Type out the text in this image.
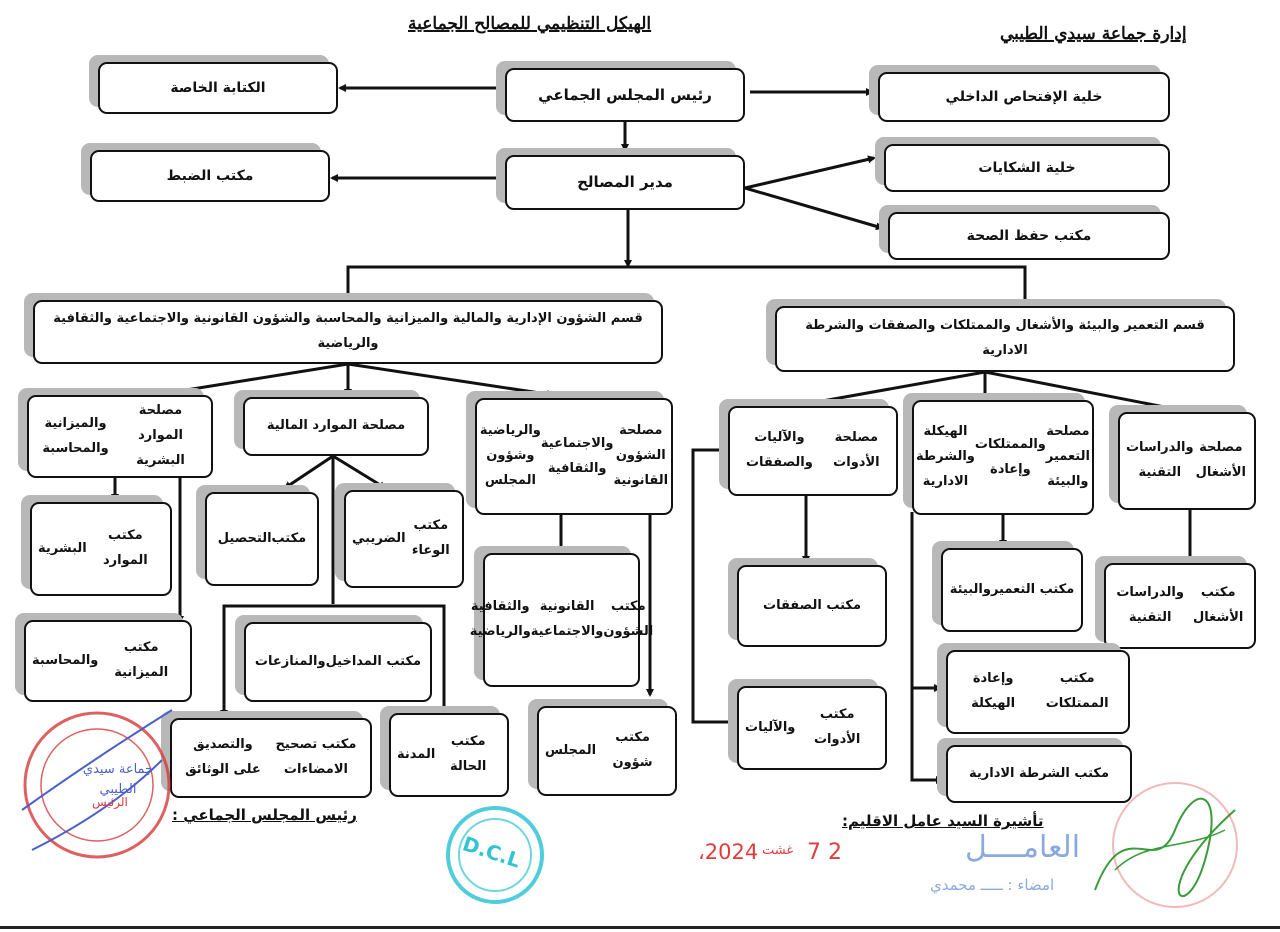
الهيكل التنظيمي للمصالح الجماعية	إدارة جماعة سيدي الطيبي
رئيس المجلس الجماعي
الكتابة الخاصة
خلية الإفتحاص الداخلي
مدير المصالح
مكتب الضبط	خلية الشكايات
مكتب حفظ الصحة
قسم الشؤون الإدارية والمالية والميزانية والمحاسبة والشؤون القانونية والاجتماعية والثقافية والرياضية
قسم التعمير والبيئة والأشغال والممتلكات والصفقات والشرطة الادارية
مصلحة الموارد البشرية
والميزانية والمحاسبة
مصلحة الموارد المالية	مصلحة الشؤون القانونية
والاجتماعية والثقافية
والرياضية وشؤون المجلس
مصلحة الأدوات
والآليات والصفقات
مصلحة التعمير والبيئة
والممتلكات وإعادة
الهيكلة والشرطة الادارية
مصلحة الأشغال
والدراسات التقنية
مكتب الموارد
البشرية
مكتب
التحصيل
مكتب الوعاء
الضريبي
مكتب الشؤون
القانونية والاجتماعية
والثقافية والرياضية
مكتب الصفقات
مكتب التعمير
والبيئة	مكتب الأشغال
والدراسات التقنية
مكتب الميزانية
والمحاسبة	مكتب المداخيل
والمنازعات
مكتب الممتلكات
وإعادة الهيكلة
مكتب تصحيح الامضاءات
والتصديق على الوثائق
مكتب الحالة
المدنة
مكتب شؤون
المجلس
مكتب الأدوات
والآليات
مكتب الشرطة الادارية
رئيس المجلس الجماعي :	تأشيرة السيد عامل الاقليم:
2 7
غشت
2024،
جماعة سيدي الطيبي
الرئيس
D.C.L	العامــــل
امضاء : ـــــ محمدي
